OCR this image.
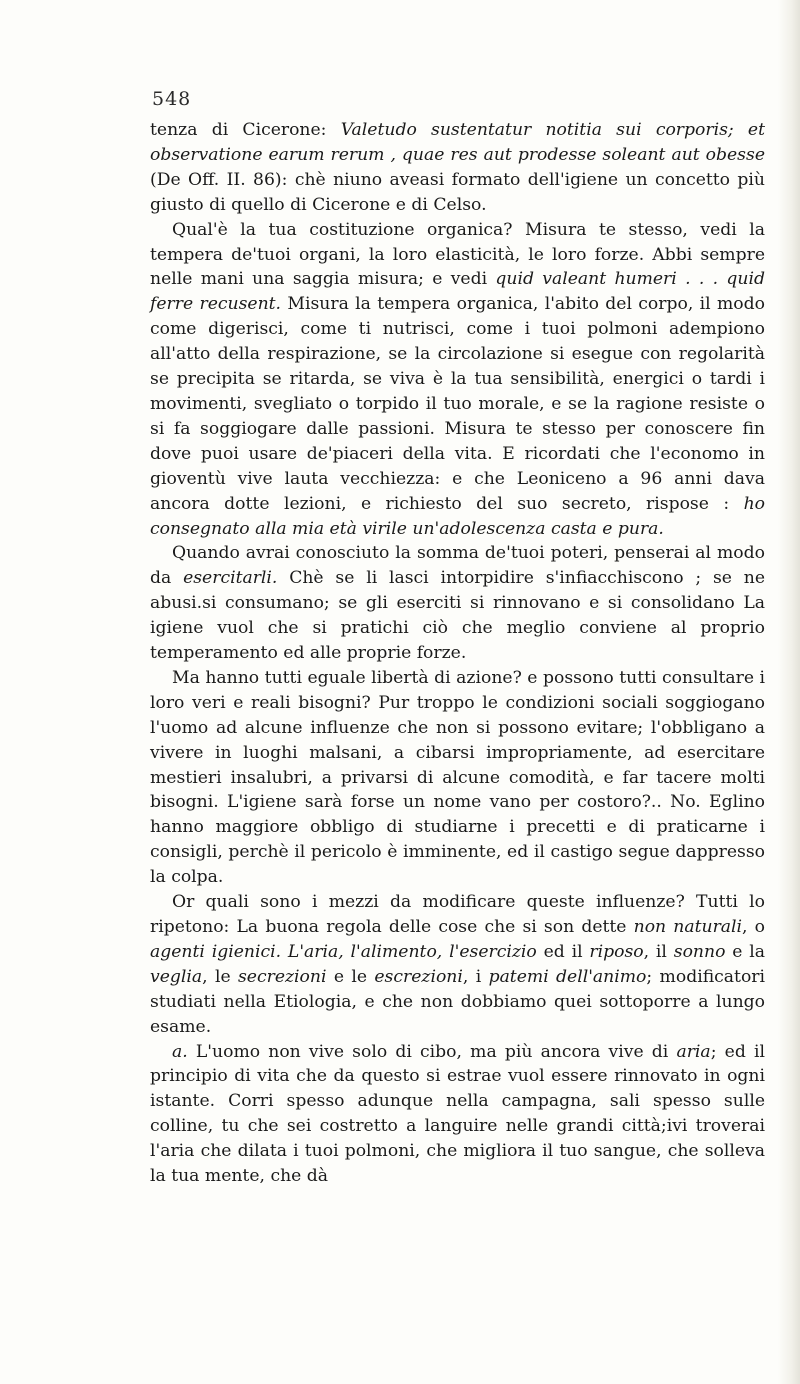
548

tenza di Cicerone: Valetudo sustentatur notitia sui corporis; et observatione earum rerum , quae res aut prodesse soleant aut obesse (De Off. II. 86): chè niuno aveasi formato dell'igiene un concetto più giusto di quello di Cicerone e di Celso.

Qual'è la tua costituzione organica? Misura te stesso, vedi la tempera de'tuoi organi, la loro elasticità, le loro forze. Abbi sempre nelle mani una saggia misura; e vedi quid valeant humeri . . . quid ferre recusent. Misura la tempera organica, l'abito del corpo, il modo come digerisci, come ti nutrisci, come i tuoi polmoni adempiono all'atto della respirazione, se la circolazione si esegue con regolarità se precipita se ritarda, se viva è la tua sensibilità, energici o tardi i movimenti, svegliato o torpido il tuo morale, e se la ragione resiste o si fa soggiogare dalle passioni. Misura te stesso per conoscere fin dove puoi usare de'piaceri della vita. E ricordati che l'economo in gioventù vive lauta vecchiezza: e che Leoniceno a 96 anni dava ancora dotte lezioni, e richiesto del suo secreto, rispose : ho consegnato alla mia età virile un'adolescenza casta e pura.

Quando avrai conosciuto la somma de'tuoi poteri, penserai al modo da esercitarli. Chè se li lasci intorpidire s'infiacchiscono ; se ne abusi.si consumano; se gli eserciti si rinnovano e si consolidano La igiene vuol che si pratichi ciò che meglio conviene al proprio temperamento ed alle proprie forze.

Ma hanno tutti eguale libertà di azione? e possono tutti consultare i loro veri e reali bisogni? Pur troppo le condizioni sociali soggiogano l'uomo ad alcune influenze che non si possono evitare; l'obbligano a vivere in luoghi malsani, a cibarsi impropriamente, ad esercitare mestieri insalubri, a privarsi di alcune comodità, e far tacere molti bisogni. L'igiene sarà forse un nome vano per costoro?.. No. Eglino hanno maggiore obbligo di studiarne i precetti e di praticarne i consigli, perchè il pericolo è imminente, ed il castigo segue dappresso la colpa.

Or quali sono i mezzi da modificare queste influenze? Tutti lo ripetono: La buona regola delle cose che si son dette non naturali, o agenti igienici. L'aria, l'alimento, l'esercizio ed il riposo, il sonno e la veglia, le secrezioni e le escrezioni, i patemi dell'animo; modificatori studiati nella Etiologia, e che non dobbiamo quei sottoporre a lungo esame.

a. L'uomo non vive solo di cibo, ma più ancora vive di aria; ed il principio di vita che da questo si estrae vuol essere rinnovato in ogni istante. Corri spesso adunque nella campagna, sali spesso sulle colline, tu che sei costretto a languire nelle grandi città;ivi troverai l'aria che dilata i tuoi polmoni, che migliora il tuo sangue, che solleva la tua mente, che dà
